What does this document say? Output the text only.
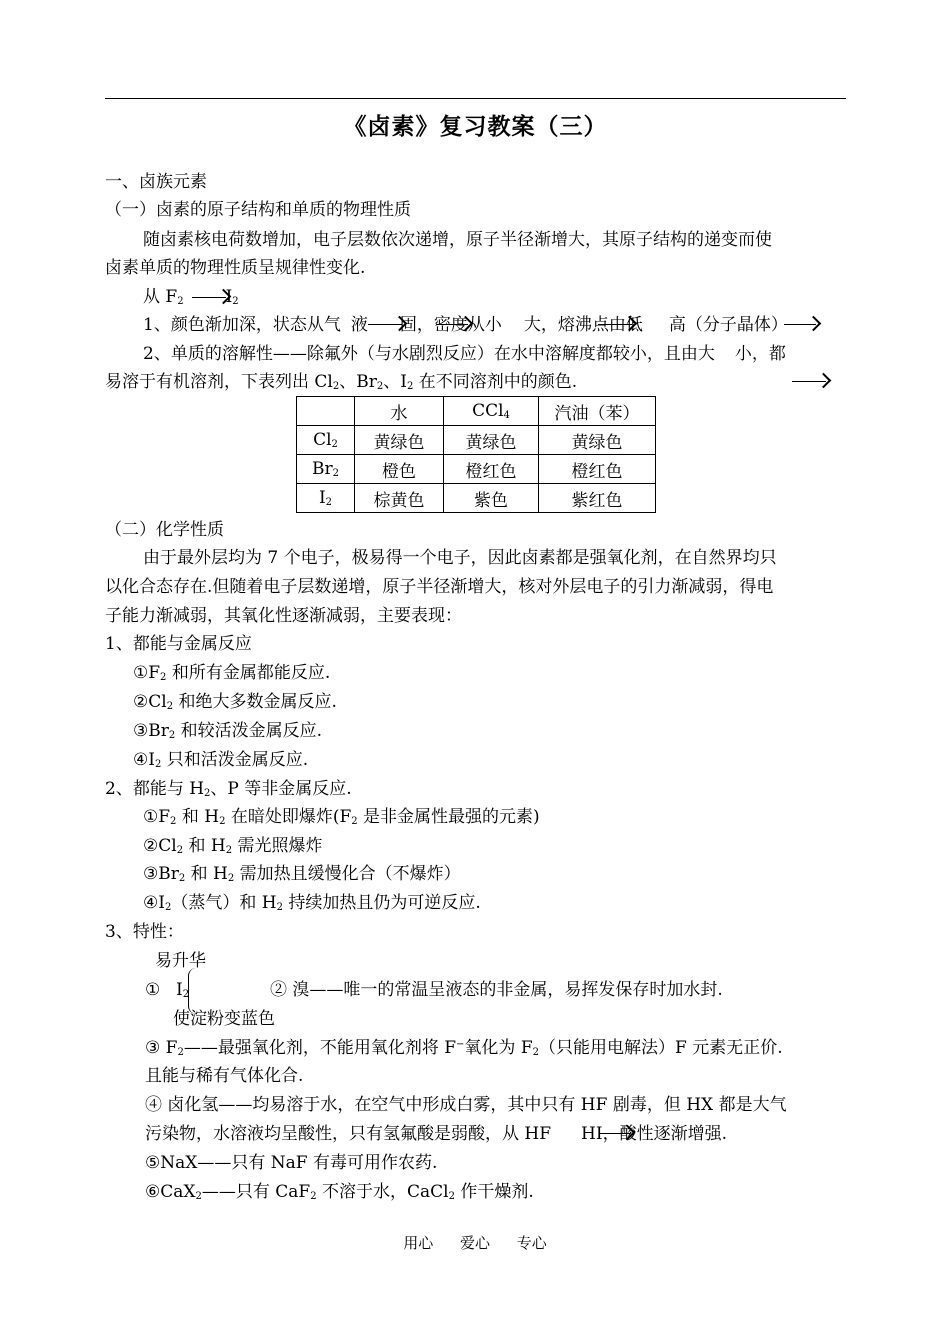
《卤素》复习教案（三）
一、卤族元素
（一）卤素的原子结构和单质的物理性质
随卤素核电荷数增加，电子层数依次递增，原子半径渐增大，其原子结构的递变而使
卤素单质的物理性质呈规律性变化.
从 $F_2$ $I_2$
1、颜色渐加深，状态从气 液 固，密度从小 大，熔沸点由低 高（分子晶体）
2、单质的溶解性——除氟外（与水剧烈反应）在水中溶解度都较小，且由大 小，都
易溶于有机溶剂，下表列出 $Cl_2$、$Br_2$、$I_2$ 在不同溶剂中的颜色.
	水	CCl$_4$	汽油（苯）
$Cl_2$	黄绿色	黄绿色	黄绿色
$Br_2$	橙色	橙红色	橙红色
$I_2$	棕黄色	紫色	紫红色
（二）化学性质
由于最外层均为 7 个电子，极易得一个电子，因此卤素都是强氧化剂，在自然界均只
以化合态存在.但随着电子层数递增，原子半径渐增大，核对外层电子的引力渐减弱，得电
子能力渐减弱，其氧化性逐渐减弱，主要表现：
1、都能与金属反应
$①F_2$ 和所有金属都能反应.
$②Cl_2$ 和绝大多数金属反应.
$③Br_2$ 和较活泼金属反应.
$④I_2$ 只和活泼金属反应.
2、都能与 $H_2$、P 等非金属反应.
$①F_2$ 和 $H_2$ 在暗处即爆炸($F_2$ 是非金属性最强的元素)
$②Cl_2$ 和 $H_2$ 需光照爆炸
$③Br_2$ 和 $H_2$ 需加热且缓慢化合（不爆炸）
$④I_2$（蒸气）和 $H_2$ 持续加热且仍为可逆反应.
3、特性：
易升华
① $I_2$	② 溴——唯一的常温呈液态的非金属，易挥发保存时加水封.
使淀粉变蓝色
③ $F_2——$最强氧化剂，不能用氧化剂将 F−氧化为 $F_2$（只能用电解法）F 元素无正价.
且能与稀有气体化合.
④ 卤化氢——均易溶于水，在空气中形成白雾，其中只有 HF 剧毒，但 HX 都是大气
污染物，水溶液均呈酸性，只有氢氟酸是弱酸，从 HF HI，酸性逐渐增强.
⑤NaX——只有 NaF 有毒可用作农药.
⑥CaX$_2$——只有 CaF$_2$ 不溶于水，CaCl$_2$ 作干燥剂.
用心 爱心 专心
